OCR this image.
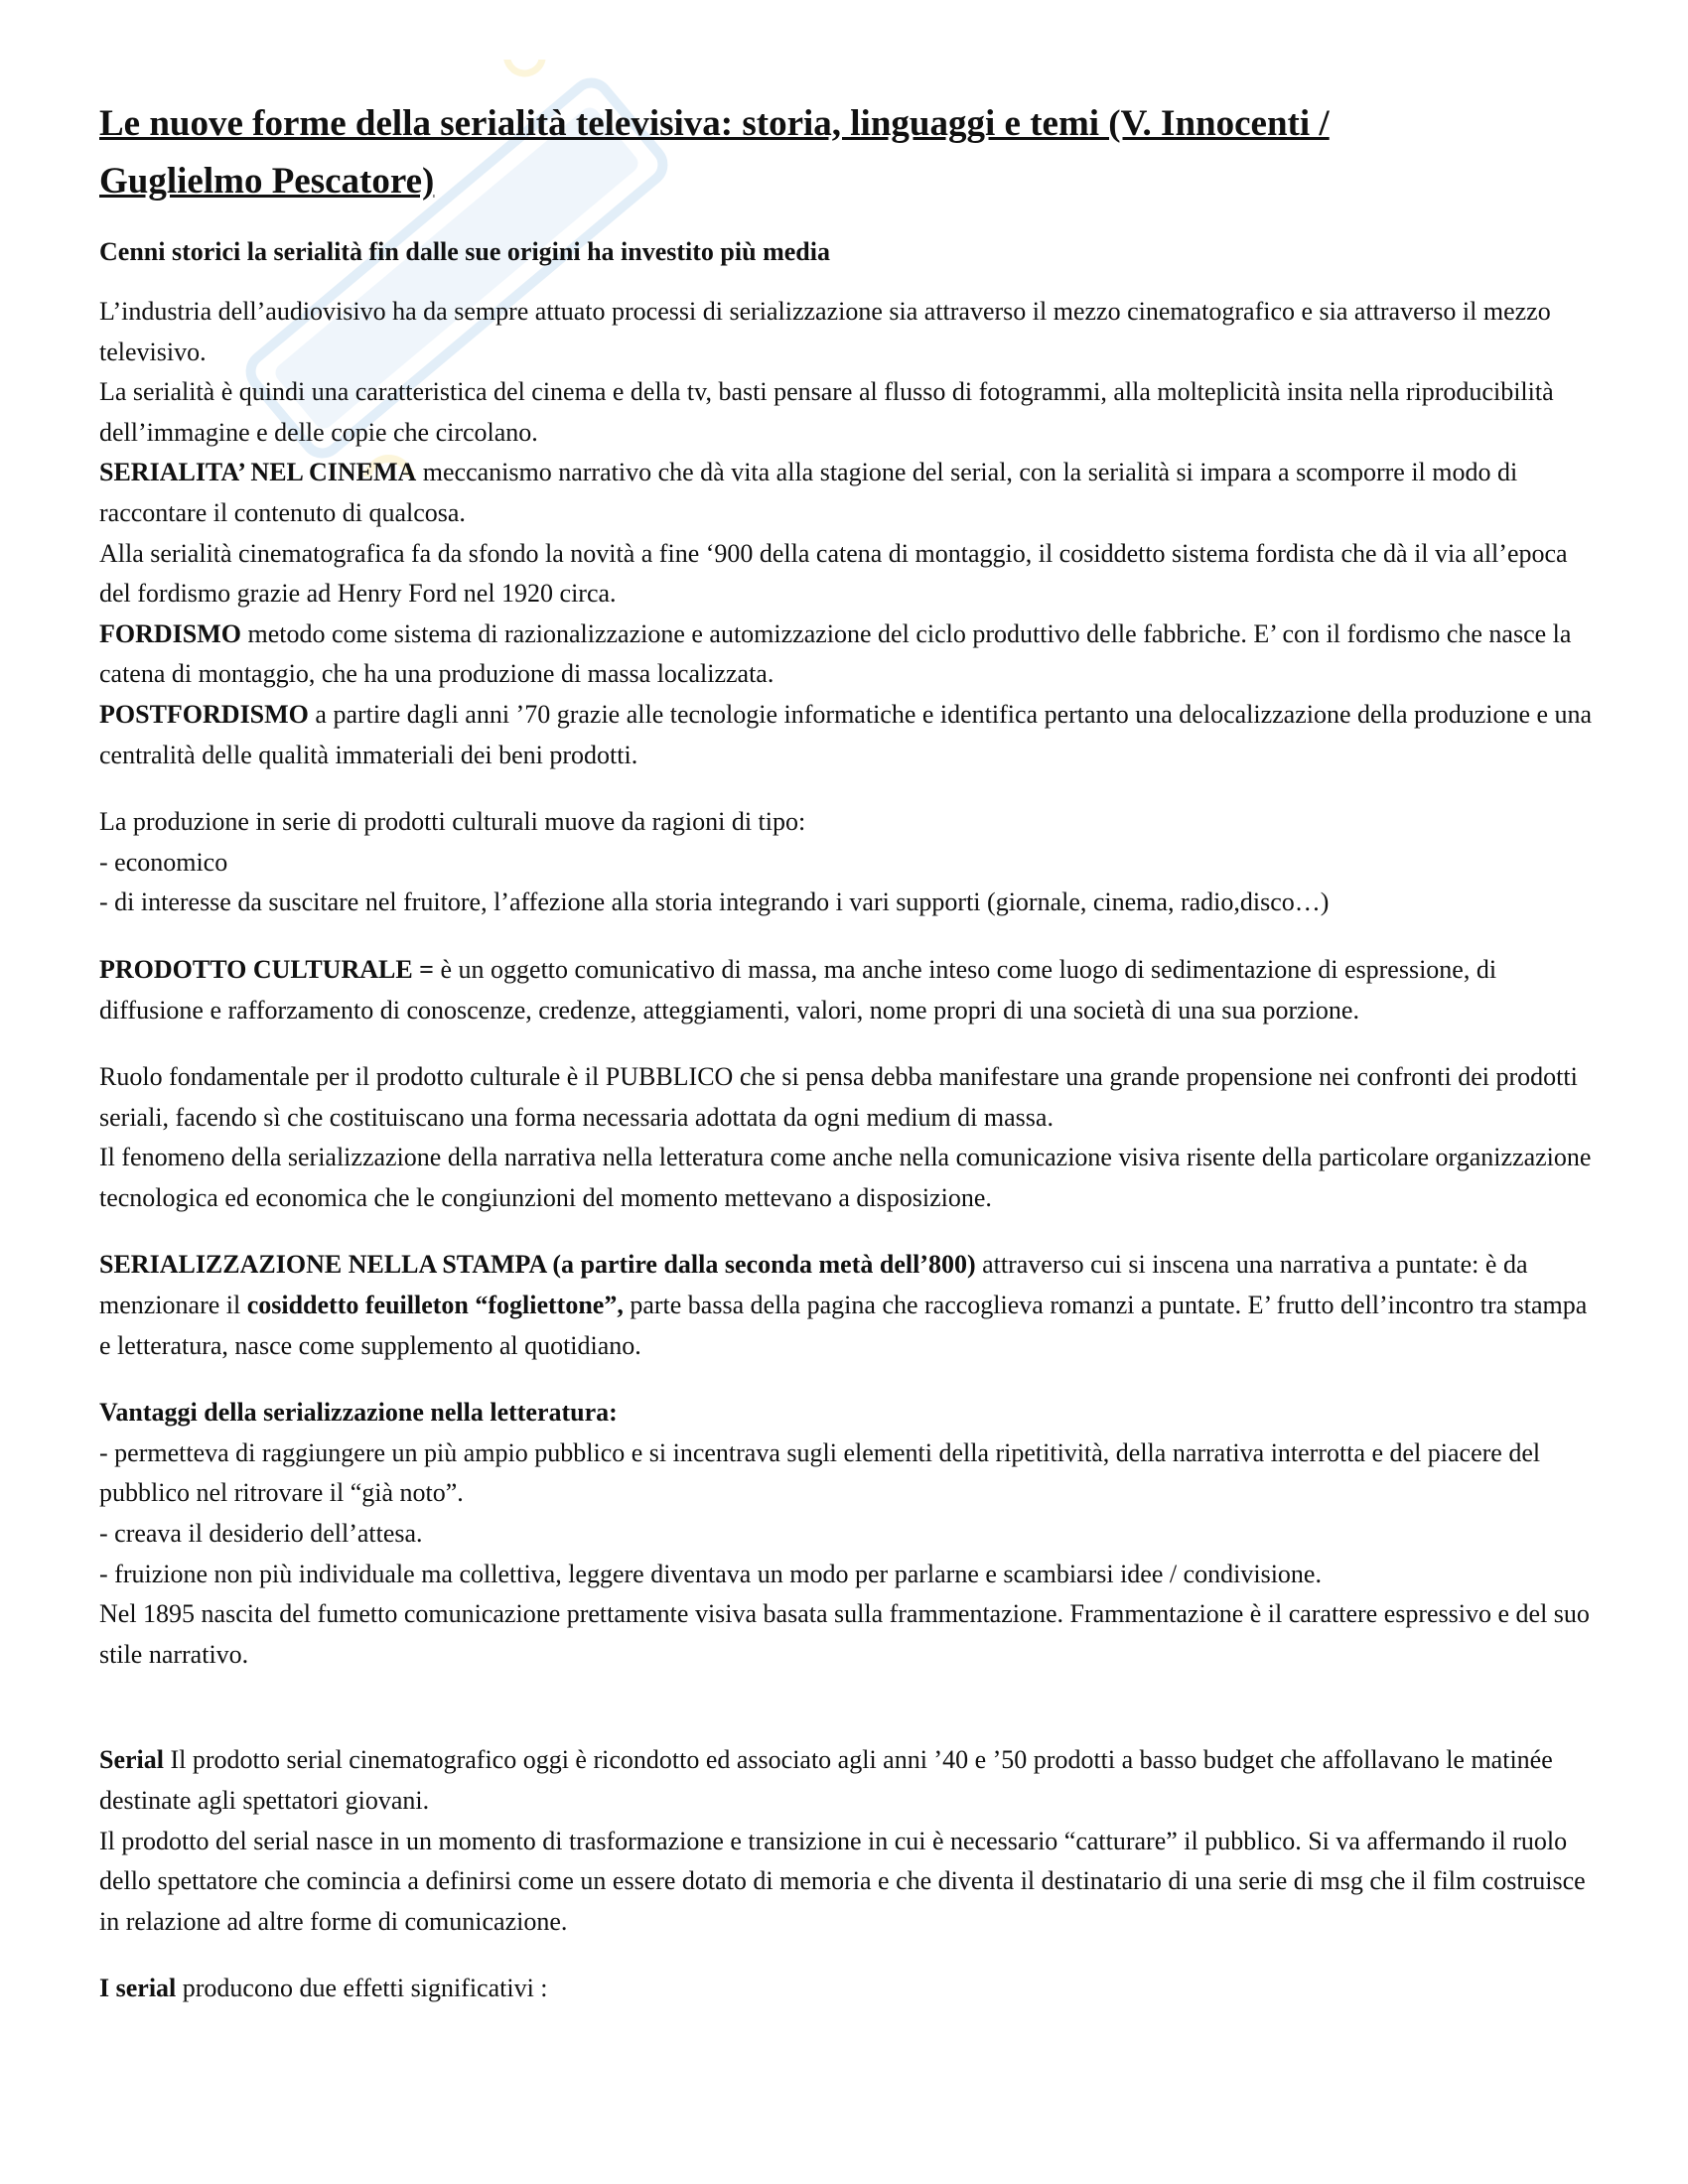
Le nuove forme della serialità televisiva: storia, linguaggi e temi (V. Innocenti /
Guglielmo Pescatore)
Cenni storici la serialità fin dalle sue origini ha investito più media
L’industria dell’audiovisivo ha da sempre attuato processi di serializzazione sia attraverso il mezzo cinematografico e sia attraverso il mezzo televisivo.
La serialità è quindi una caratteristica del cinema e della tv, basti pensare al flusso di fotogrammi, alla molteplicità insita nella riproducibilità dell’immagine e delle copie che circolano.
SERIALITA’ NEL CINEMA meccanismo narrativo che dà vita alla stagione del serial, con la serialità si impara a scomporre il modo di raccontare il contenuto di qualcosa.
Alla serialità cinematografica fa da sfondo la novità a fine ‘900 della catena di montaggio, il cosiddetto sistema fordista che dà il via all’epoca del fordismo grazie ad Henry Ford nel 1920 circa.
FORDISMO metodo come sistema di razionalizzazione e automizzazione del ciclo produttivo delle fabbriche. E’ con il fordismo che nasce la catena di montaggio, che ha una produzione di massa localizzata.
POSTFORDISMO a partire dagli anni ’70 grazie alle tecnologie informatiche e identifica pertanto una delocalizzazione della produzione e una centralità delle qualità immateriali dei beni prodotti.
La produzione in serie di prodotti culturali muove da ragioni di tipo:
- economico
- di interesse da suscitare nel fruitore, l’affezione alla storia integrando i vari supporti (giornale, cinema, radio,disco…)
PRODOTTO CULTURALE = è un oggetto comunicativo di massa, ma anche inteso come luogo di sedimentazione di espressione, di diffusione e rafforzamento di conoscenze, credenze, atteggiamenti, valori, nome propri di una società di una sua porzione.
Ruolo fondamentale per il prodotto culturale è il PUBBLICO che si pensa debba manifestare una grande propensione nei confronti dei prodotti seriali, facendo sì che costituiscano una forma necessaria adottata da ogni medium di massa.
Il fenomeno della serializzazione della narrativa nella letteratura come anche nella comunicazione visiva risente della particolare organizzazione tecnologica ed economica che le congiunzioni del momento mettevano a disposizione.
SERIALIZZAZIONE NELLA STAMPA (a partire dalla seconda metà dell’800) attraverso cui si inscena una narrativa a puntate: è da menzionare il cosiddetto feuilleton “fogliettone”, parte bassa della pagina che raccoglieva romanzi a puntate. E’ frutto dell’incontro tra stampa e letteratura, nasce come supplemento al quotidiano.
Vantaggi della serializzazione nella letteratura:
- permetteva di raggiungere un più ampio pubblico e si incentrava sugli elementi della ripetitività, della narrativa interrotta e del piacere del pubblico nel ritrovare il “già noto”.
- creava il desiderio dell’attesa.
- fruizione non più individuale ma collettiva, leggere diventava un modo per parlarne e scambiarsi idee / condivisione.
Nel 1895 nascita del fumetto comunicazione prettamente visiva basata sulla frammentazione. Frammentazione è il carattere espressivo e del suo stile narrativo.
Serial Il prodotto serial cinematografico oggi è ricondotto ed associato agli anni ’40 e ’50 prodotti a basso budget che affollavano le matinée destinate agli spettatori giovani.
Il prodotto del serial nasce in un momento di trasformazione e transizione in cui è necessario “catturare” il pubblico. Si va affermando il ruolo dello spettatore che comincia a definirsi come un essere dotato di memoria e che diventa il destinatario di una serie di msg che il film costruisce in relazione ad altre forme di comunicazione.
I serial producono due effetti significativi :
